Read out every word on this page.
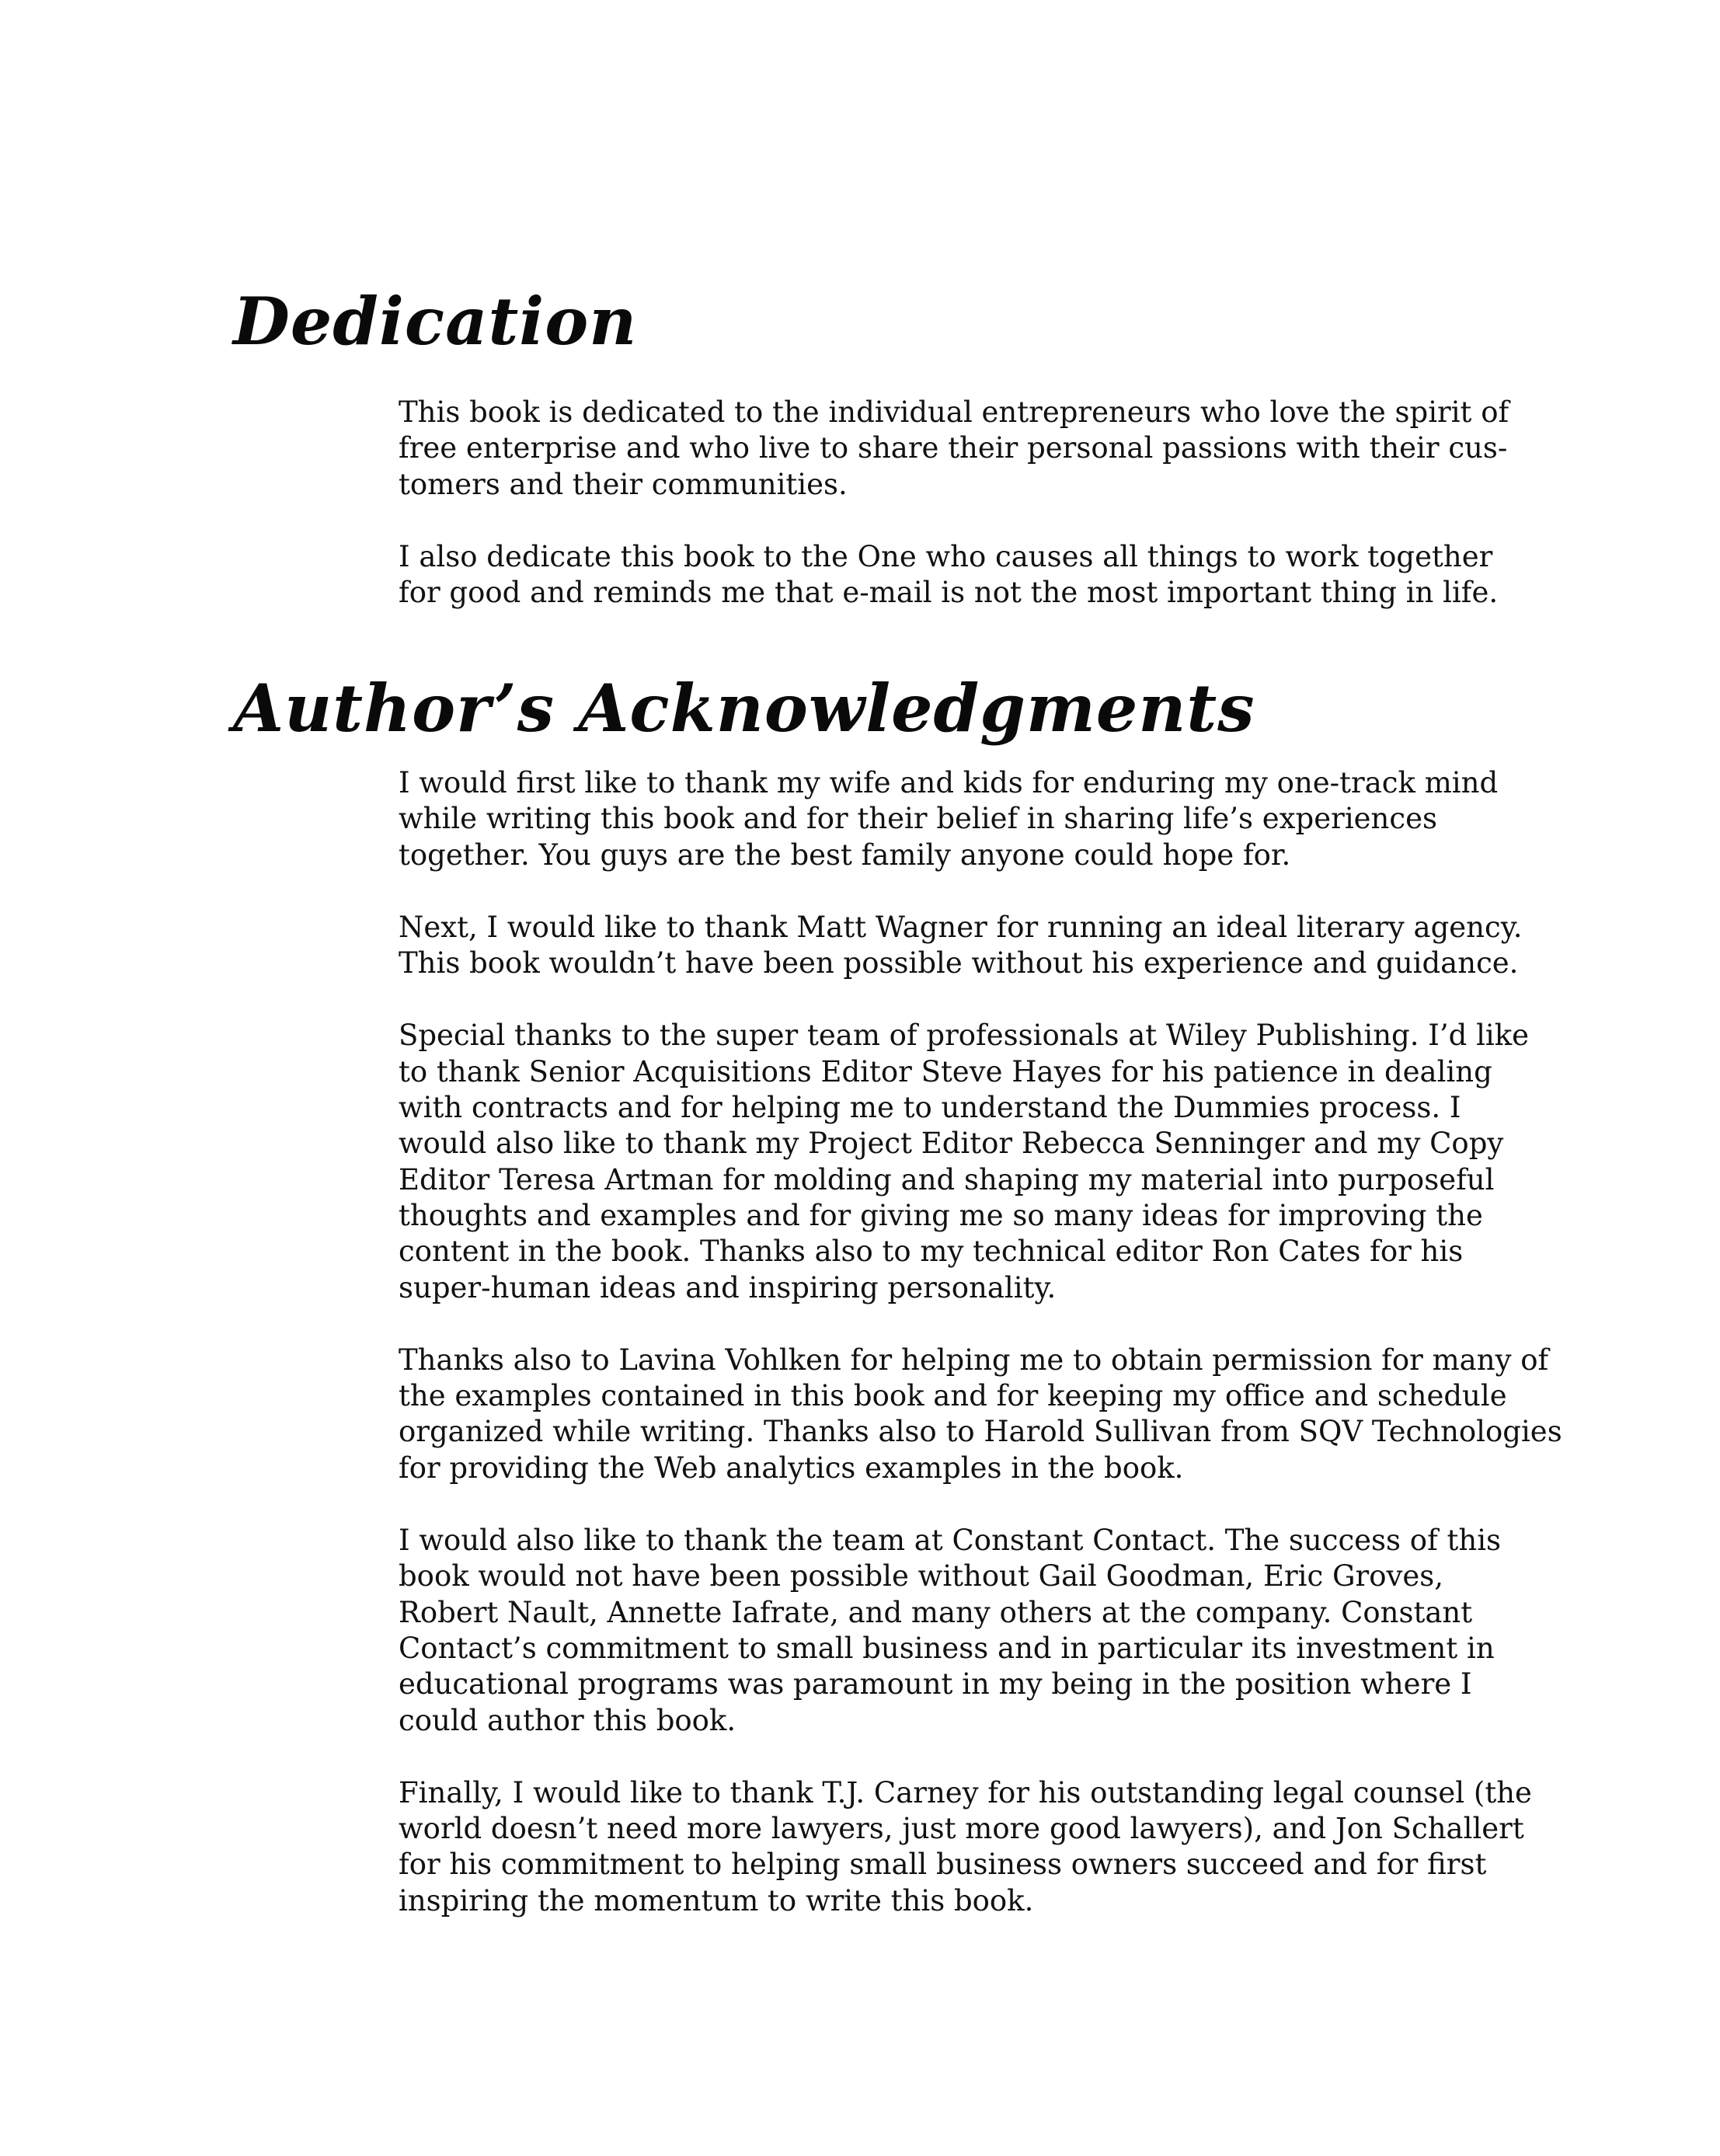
Dedication

This book is dedicated to the individual entrepreneurs who love the spirit of
free enterprise and who live to share their personal passions with their cus-
tomers and their communities.

I also dedicate this book to the One who causes all things to work together
for good and reminds me that e-mail is not the most important thing in life.

Author’s Acknowledgments

I would first like to thank my wife and kids for enduring my one-track mind
while writing this book and for their belief in sharing life’s experiences
together. You guys are the best family anyone could hope for.

Next, I would like to thank Matt Wagner for running an ideal literary agency.
This book wouldn’t have been possible without his experience and guidance.

Special thanks to the super team of professionals at Wiley Publishing. I’d like
to thank Senior Acquisitions Editor Steve Hayes for his patience in dealing
with contracts and for helping me to understand the Dummies process. I
would also like to thank my Project Editor Rebecca Senninger and my Copy
Editor Teresa Artman for molding and shaping my material into purposeful
thoughts and examples and for giving me so many ideas for improving the
content in the book. Thanks also to my technical editor Ron Cates for his
super-human ideas and inspiring personality.

Thanks also to Lavina Vohlken for helping me to obtain permission for many of
the examples contained in this book and for keeping my office and schedule
organized while writing. Thanks also to Harold Sullivan from SQV Technologies
for providing the Web analytics examples in the book.

I would also like to thank the team at Constant Contact. The success of this
book would not have been possible without Gail Goodman, Eric Groves,
Robert Nault, Annette Iafrate, and many others at the company. Constant
Contact’s commitment to small business and in particular its investment in
educational programs was paramount in my being in the position where I
could author this book.

Finally, I would like to thank T.J. Carney for his outstanding legal counsel (the
world doesn’t need more lawyers, just more good lawyers), and Jon Schallert
for his commitment to helping small business owners succeed and for first
inspiring the momentum to write this book.
